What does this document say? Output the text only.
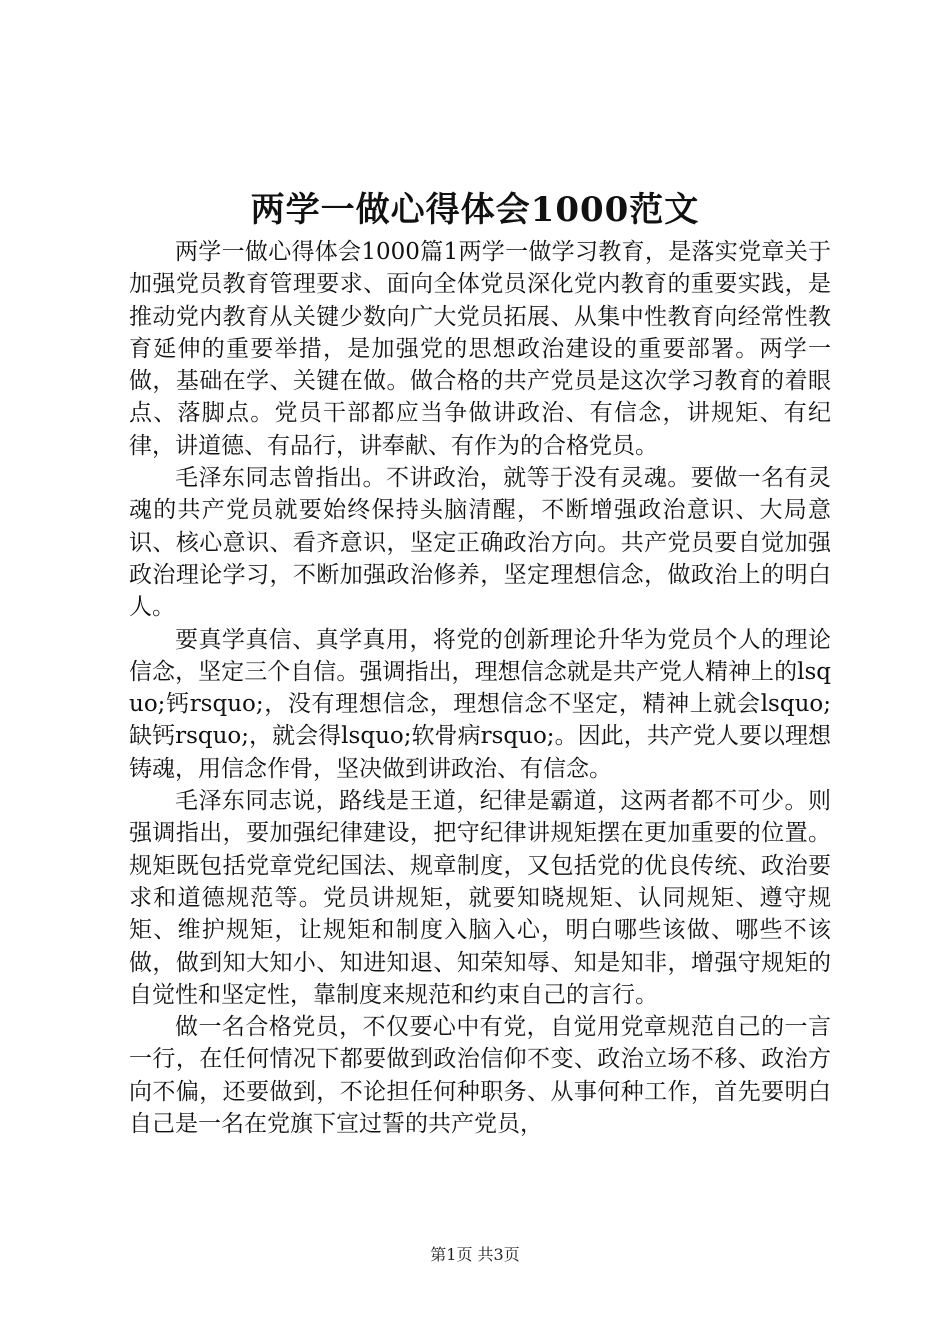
两学一做心得体会1000范文

两学一做心得体会1000篇1两学一做学习教育，是落实党章关于加强党员教育管理要求、面向全体党员深化党内教育的重要实践，是推动党内教育从关键少数向广大党员拓展、从集中性教育向经常性教育延伸的重要举措，是加强党的思想政治建设的重要部署。两学一做，基础在学、关键在做。做合格的共产党员是这次学习教育的着眼点、落脚点。党员干部都应当争做讲政治、有信念，讲规矩、有纪律，讲道德、有品行，讲奉献、有作为的合格党员。

毛泽东同志曾指出。不讲政治，就等于没有灵魂。要做一名有灵魂的共产党员就要始终保持头脑清醒，不断增强政治意识、大局意识、核心意识、看齐意识，坚定正确政治方向。共产党员要自觉加强政治理论学习，不断加强政治修养，坚定理想信念，做政治上的明白人。

要真学真信、真学真用，将党的创新理论升华为党员个人的理论信念，坚定三个自信。强调指出，理想信念就是共产党人精神上的lsquo;钙rsquo;，没有理想信念，理想信念不坚定，精神上就会lsquo;缺钙rsquo;，就会得lsquo;软骨病rsquo;。因此，共产党人要以理想铸魂，用信念作骨，坚决做到讲政治、有信念。

毛泽东同志说，路线是王道，纪律是霸道，这两者都不可少。则强调指出，要加强纪律建设，把守纪律讲规矩摆在更加重要的位置。规矩既包括党章党纪国法、规章制度，又包括党的优良传统、政治要求和道德规范等。党员讲规矩，就要知晓规矩、认同规矩、遵守规矩、维护规矩，让规矩和制度入脑入心，明白哪些该做、哪些不该做，做到知大知小、知进知退、知荣知辱、知是知非，增强守规矩的自觉性和坚定性，靠制度来规范和约束自己的言行。

做一名合格党员，不仅要心中有党，自觉用党章规范自己的一言一行，在任何情况下都要做到政治信仰不变、政治立场不移、政治方向不偏，还要做到，不论担任何种职务、从事何种工作，首先要明白自己是一名在党旗下宣过誓的共产党员，

第1页 共3页
